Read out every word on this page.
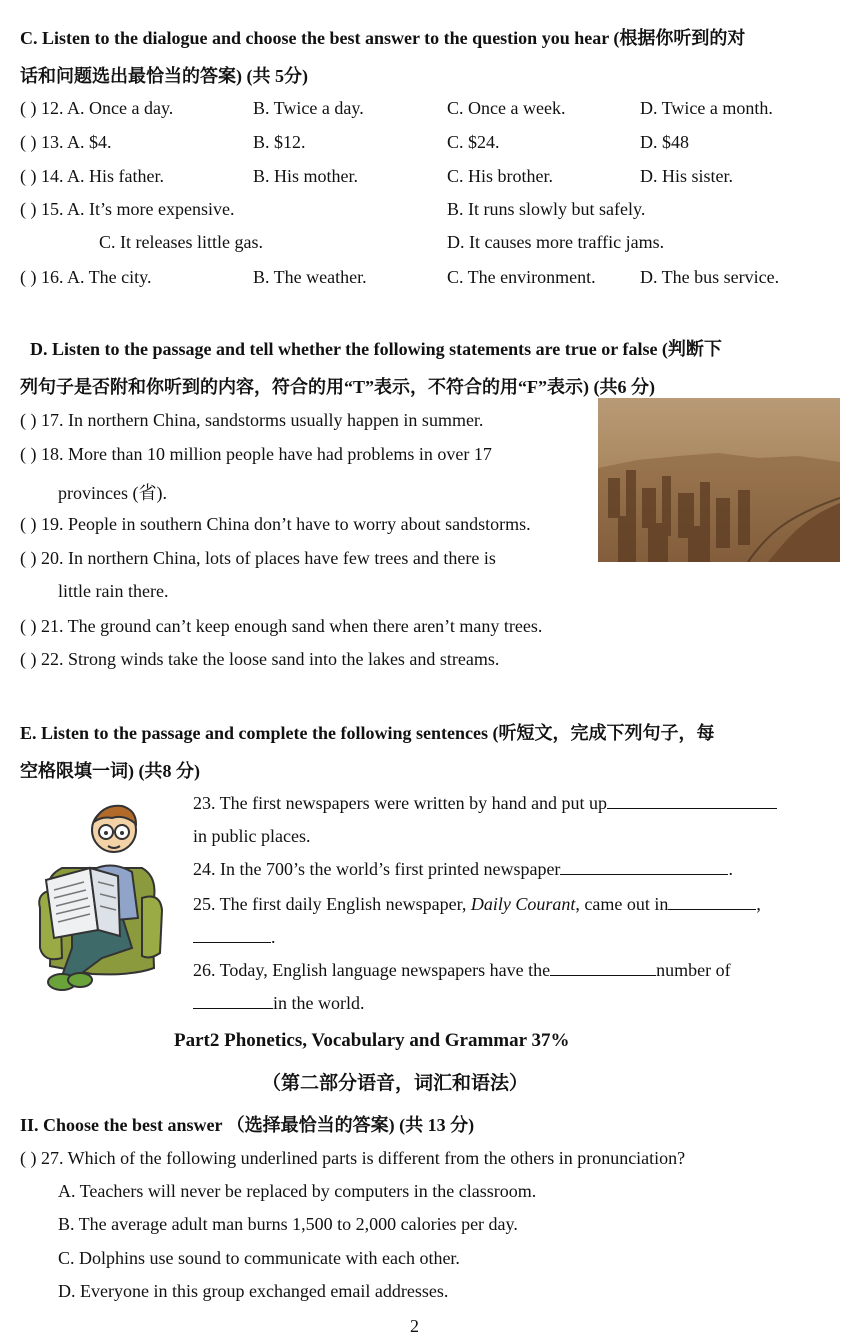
C. Listen to the dialogue and choose the best answer to the question you hear (根据你听到的对
话和问题选出最恰当的答案) (共 5分)
( ) 12. A. Once a day.	B. Twice a day.	C. Once a week.	D. Twice a month.
( ) 13. A. $4.	B. $12.	C. $24.	D. $48
( ) 14. A. His father.	B. His mother.	C. His brother.	D. His sister.
( ) 15. A. It’s more expensive.	B. It runs slowly but safely.
C. It releases little gas.	D. It causes more traffic jams.
( ) 16. A. The city.	B. The weather.	C. The environment. D. The bus service.
D. Listen to the passage and tell whether the following statements are true or false (判断下
列句子是否附和你听到的内容，符合的用“T”表示，不符合的用“F”表示) (共6 分)
( ) 17. In northern China, sandstorms usually happen in summer.
( ) 18. More than 10 million people have had problems in over 17
provinces (省).
( ) 19. People in southern China don’t have to worry about sandstorms.
( ) 20. In northern China, lots of places have few trees and there is
little rain there.
( ) 21. The ground can’t keep enough sand when there aren’t many trees.
( ) 22. Strong winds take the loose sand into the lakes and streams.
E. Listen to the passage and complete the following sentences (听短文，完成下列句子，每
空格限填一词) (共8 分)
23. The first newspapers were written by hand and put up
in public places.
24. In the 700’s the world’s first printed newspaper	.
25. The first daily English newspaper, Daily Courant, came out in	,
.
26. Today, English language newspapers have the	number of
in the world.
Part2 Phonetics, Vocabulary and Grammar 37%
（第二部分语音，词汇和语法）
II. Choose the best answer （选择最恰当的答案) (共 13 分)
( ) 27. Which of the following underlined parts is different from the others in pronunciation?
A. Teachers will never be replaced by computers in the classroom.
B. The average adult man burns 1,500 to 2,000 calories per day.
C. Dolphins use sound to communicate with each other.
D. Everyone in this group exchanged email addresses.
2
